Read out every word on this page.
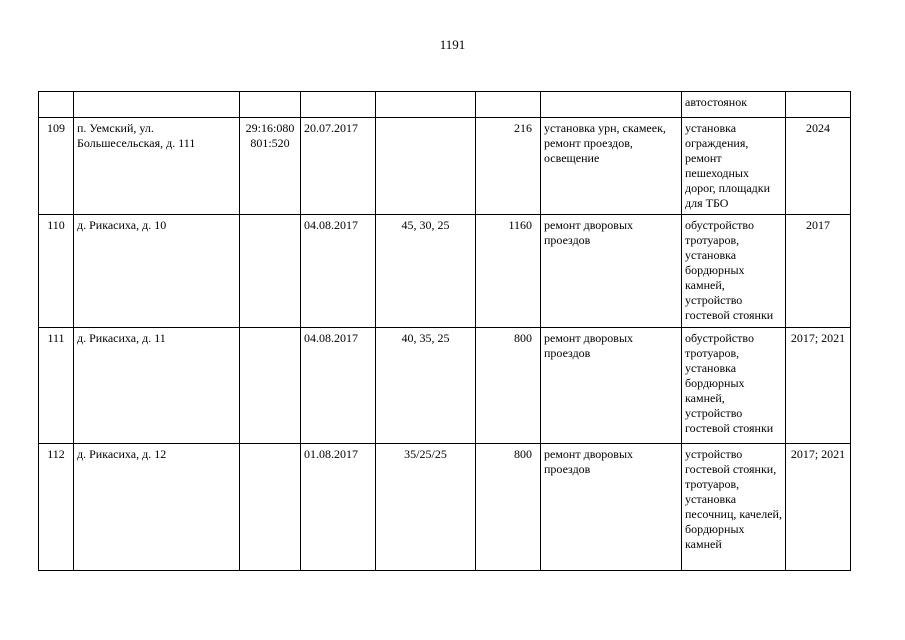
1191
							автостоянок	
109	п. Уемский, ул. Большесельская, д. 111	29:16:080801:520	20.07.2017		216	установка урн, скамеек, ремонт проездов, освещение	установка ограждения, ремонт пешеходных дорог, площадки для ТБО	2024
110	д. Рикасиха, д. 10		04.08.2017	45, 30, 25	1160	ремонт дворовых проездов	обустройство тротуаров, установка бордюрных камней, устройство гостевой стоянки	2017
111	д. Рикасиха, д. 11		04.08.2017	40, 35, 25	800	ремонт дворовых проездов	обустройство тротуаров, установка бордюрных камней, устройство гостевой стоянки	2017; 2021
112	д. Рикасиха, д. 12		01.08.2017	35/25/25	800	ремонт дворовых проездов	устройство гостевой стоянки, тротуаров, установка песочниц, качелей, бордюрных камней	2017; 2021
